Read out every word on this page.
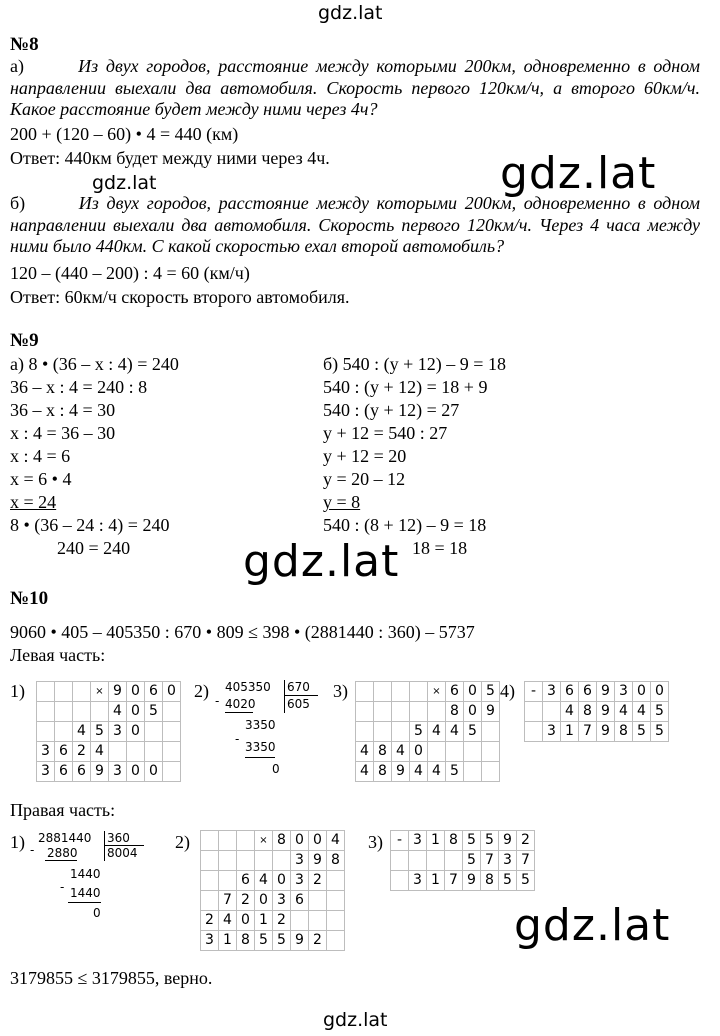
gdz.lat
gdz.lat
gdz.lat
gdz.lat
gdz.lat
gdz.lat
№8
а)	Из двух городов, расстояние между которыми 200км, одновременно в одном направлении выехали два автомобиля. Скорость первого 120км/ч, а второго 60км/ч. Какое расстояние будет между ними через 4ч?
200 + (120 – 60) • 4 = 440 (км)
Ответ: 440км будет между ними через 4ч.
б)	Из двух городов, расстояние между которыми 200км, одновременно в одном направлении выехали два автомобиля. Скорость первого 120км/ч. Через 4 часа между ними было 440км. С какой скоростью ехал второй автомобиль?
120 – (440 – 200) : 4 = 60 (км/ч)
Ответ: 60км/ч скорость второго автомобиля.
№9
а) 8 • (36 – x : 4) = 240
36 – x : 4 = 240 : 8
36 – x : 4 = 30
x : 4 = 36 – 30
x : 4 = 6
x = 6 • 4
x = 24
8 • (36 – 24 : 4) = 240
240 = 240
б) 540 : (y + 12) – 9 = 18
540 : (y + 12) = 18 + 9
540 : (y + 12) = 27
y + 12 = 540 : 27
y + 12 = 20
y = 20 – 12
y = 8
540 : (8 + 12) – 9 = 18
18 = 18
№10
9060 • 405 – 405350 : 670 • 809 ≤ 398 • (2881440 : 360) – 5737
Левая часть:
1)
				×	9	0	6	0
				4	0	5	
		4	5	3	0		
3	6	2	4				
3	6	6	9	3	0	0	
2) -
405350 670
4020	605
-
3350
3350
0
3)
					×	6	0	5
					8	0	9
			5	4	4	5	
4	8	4	0				
4	8	9	4	4	5		
4) -	3	6	6	9	3	0	0
		4	8	9	4	4	5
	3	1	7	9	8	5	5
Правая часть:
1) -
2881440 360
2880 8004
-
1440
1440
0
2)
				×	8	0	0	4
					3	9	8
		6	4	0	3	2	
	7	2	0	3	6		
2	4	0	1	2			
3	1	8	5	5	9	2	
3) -	3	1	8	5	5	9	2
				5	7	3	7
	3	1	7	9	8	5	5
3179855 ≤ 3179855, верно.
